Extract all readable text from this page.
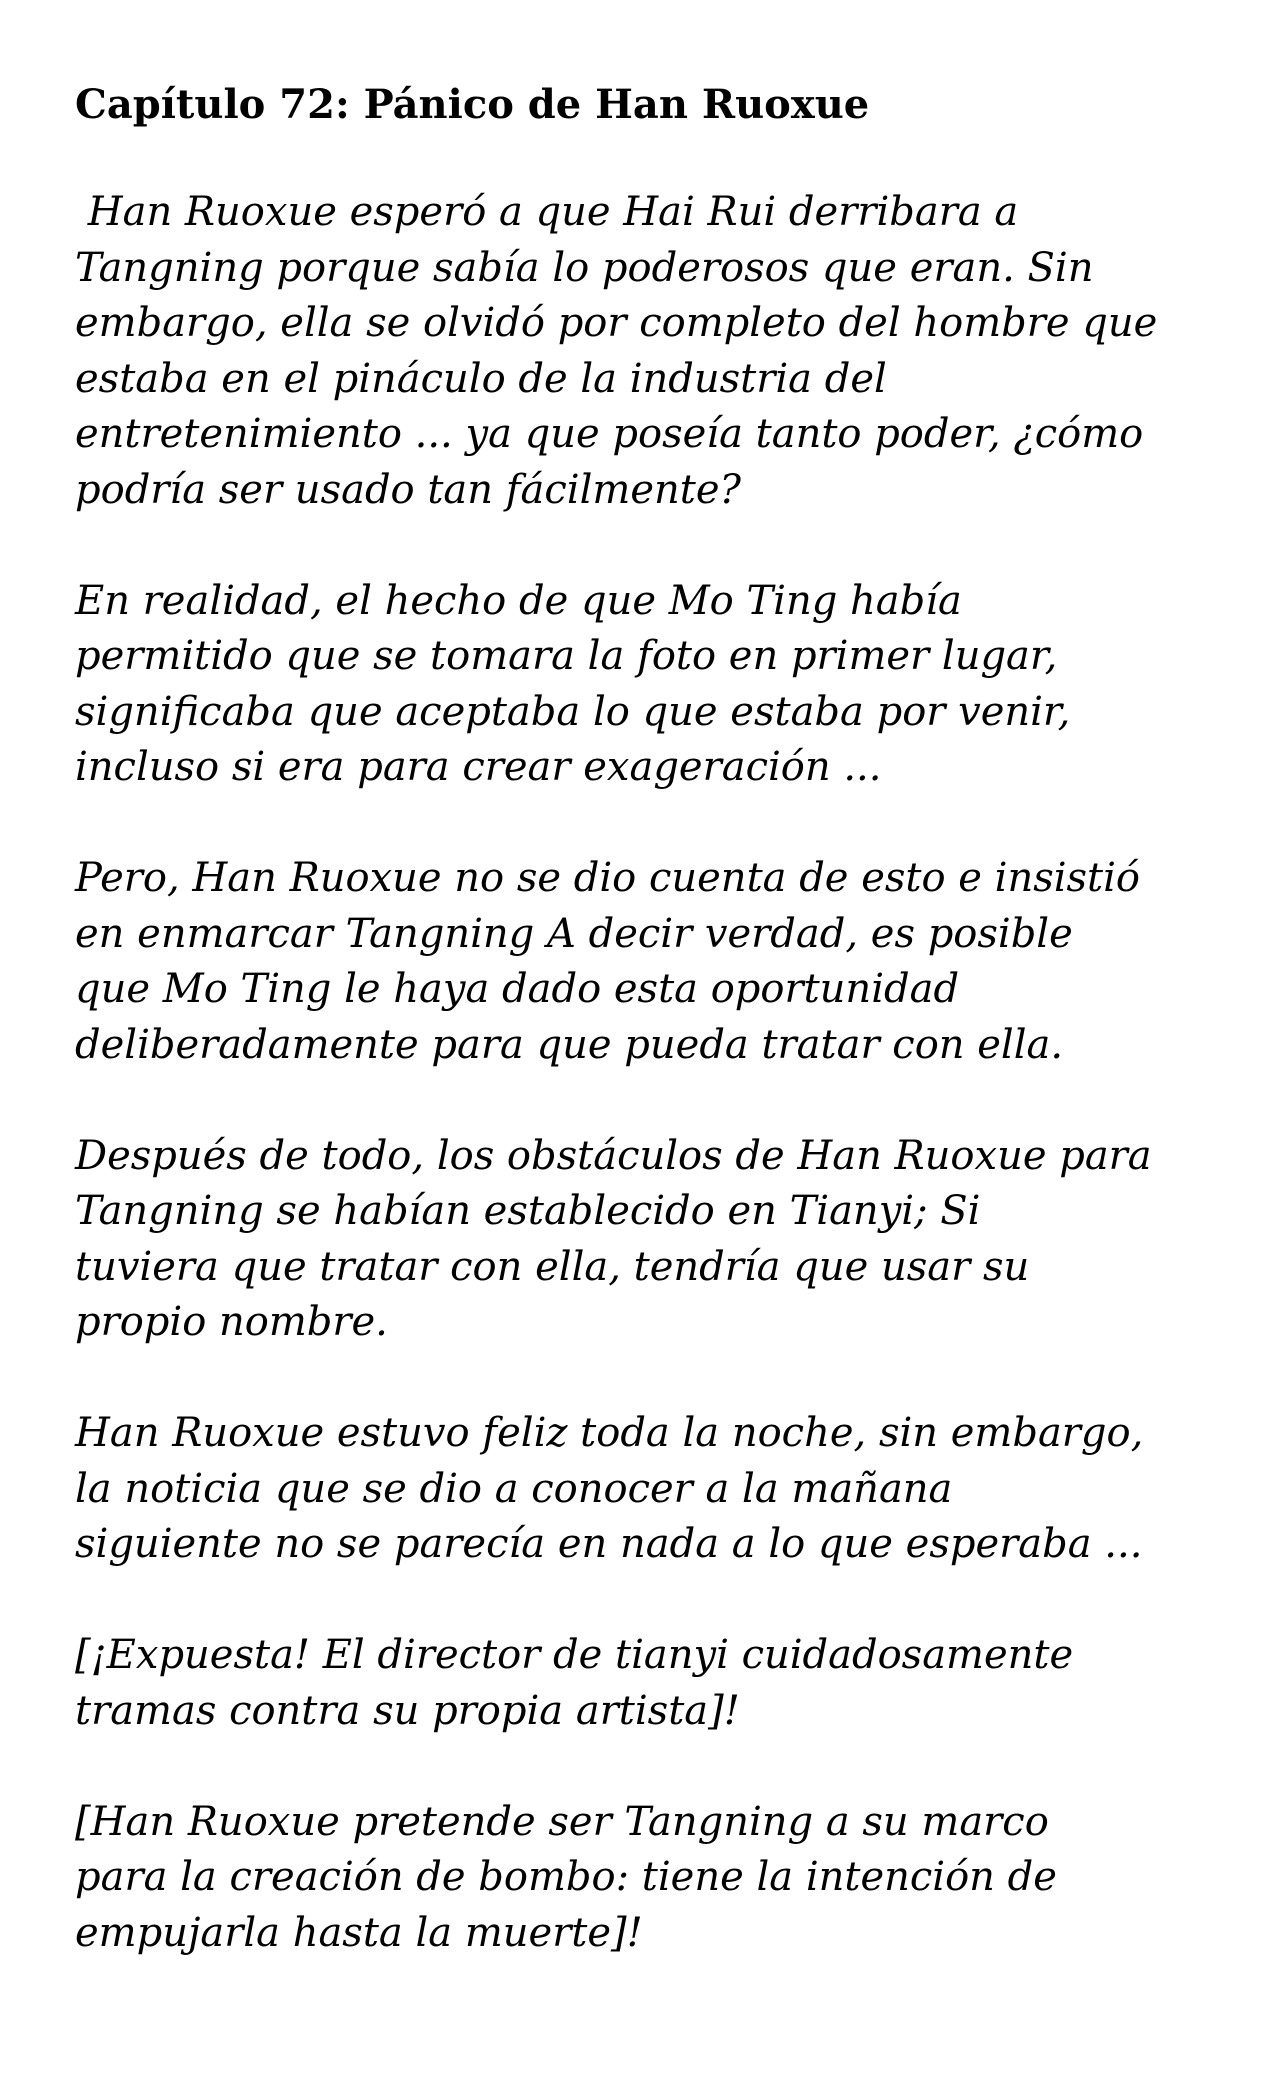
Capítulo 72: Pánico de Han Ruoxue
Han Ruoxue esperó a que Hai Rui derribara a
Tangning porque sabía lo poderosos que eran. Sin
embargo, ella se olvidó por completo del hombre que
estaba en el pináculo de la industria del
entretenimiento ... ya que poseía tanto poder, ¿cómo
podría ser usado tan fácilmente?
En realidad, el hecho de que Mo Ting había
permitido que se tomara la foto en primer lugar,
significaba que aceptaba lo que estaba por venir,
incluso si era para crear exageración ...
Pero, Han Ruoxue no se dio cuenta de esto e insistió
en enmarcar Tangning A decir verdad, es posible
que Mo Ting le haya dado esta oportunidad
deliberadamente para que pueda tratar con ella.
Después de todo, los obstáculos de Han Ruoxue para
Tangning se habían establecido en Tianyi; Si
tuviera que tratar con ella, tendría que usar su
propio nombre.
Han Ruoxue estuvo feliz toda la noche, sin embargo,
la noticia que se dio a conocer a la mañana
siguiente no se parecía en nada a lo que esperaba ...
[¡Expuesta! El director de tianyi cuidadosamente
tramas contra su propia artista]!
[Han Ruoxue pretende ser Tangning a su marco
para la creación de bombo: tiene la intención de
empujarla hasta la muerte]!
